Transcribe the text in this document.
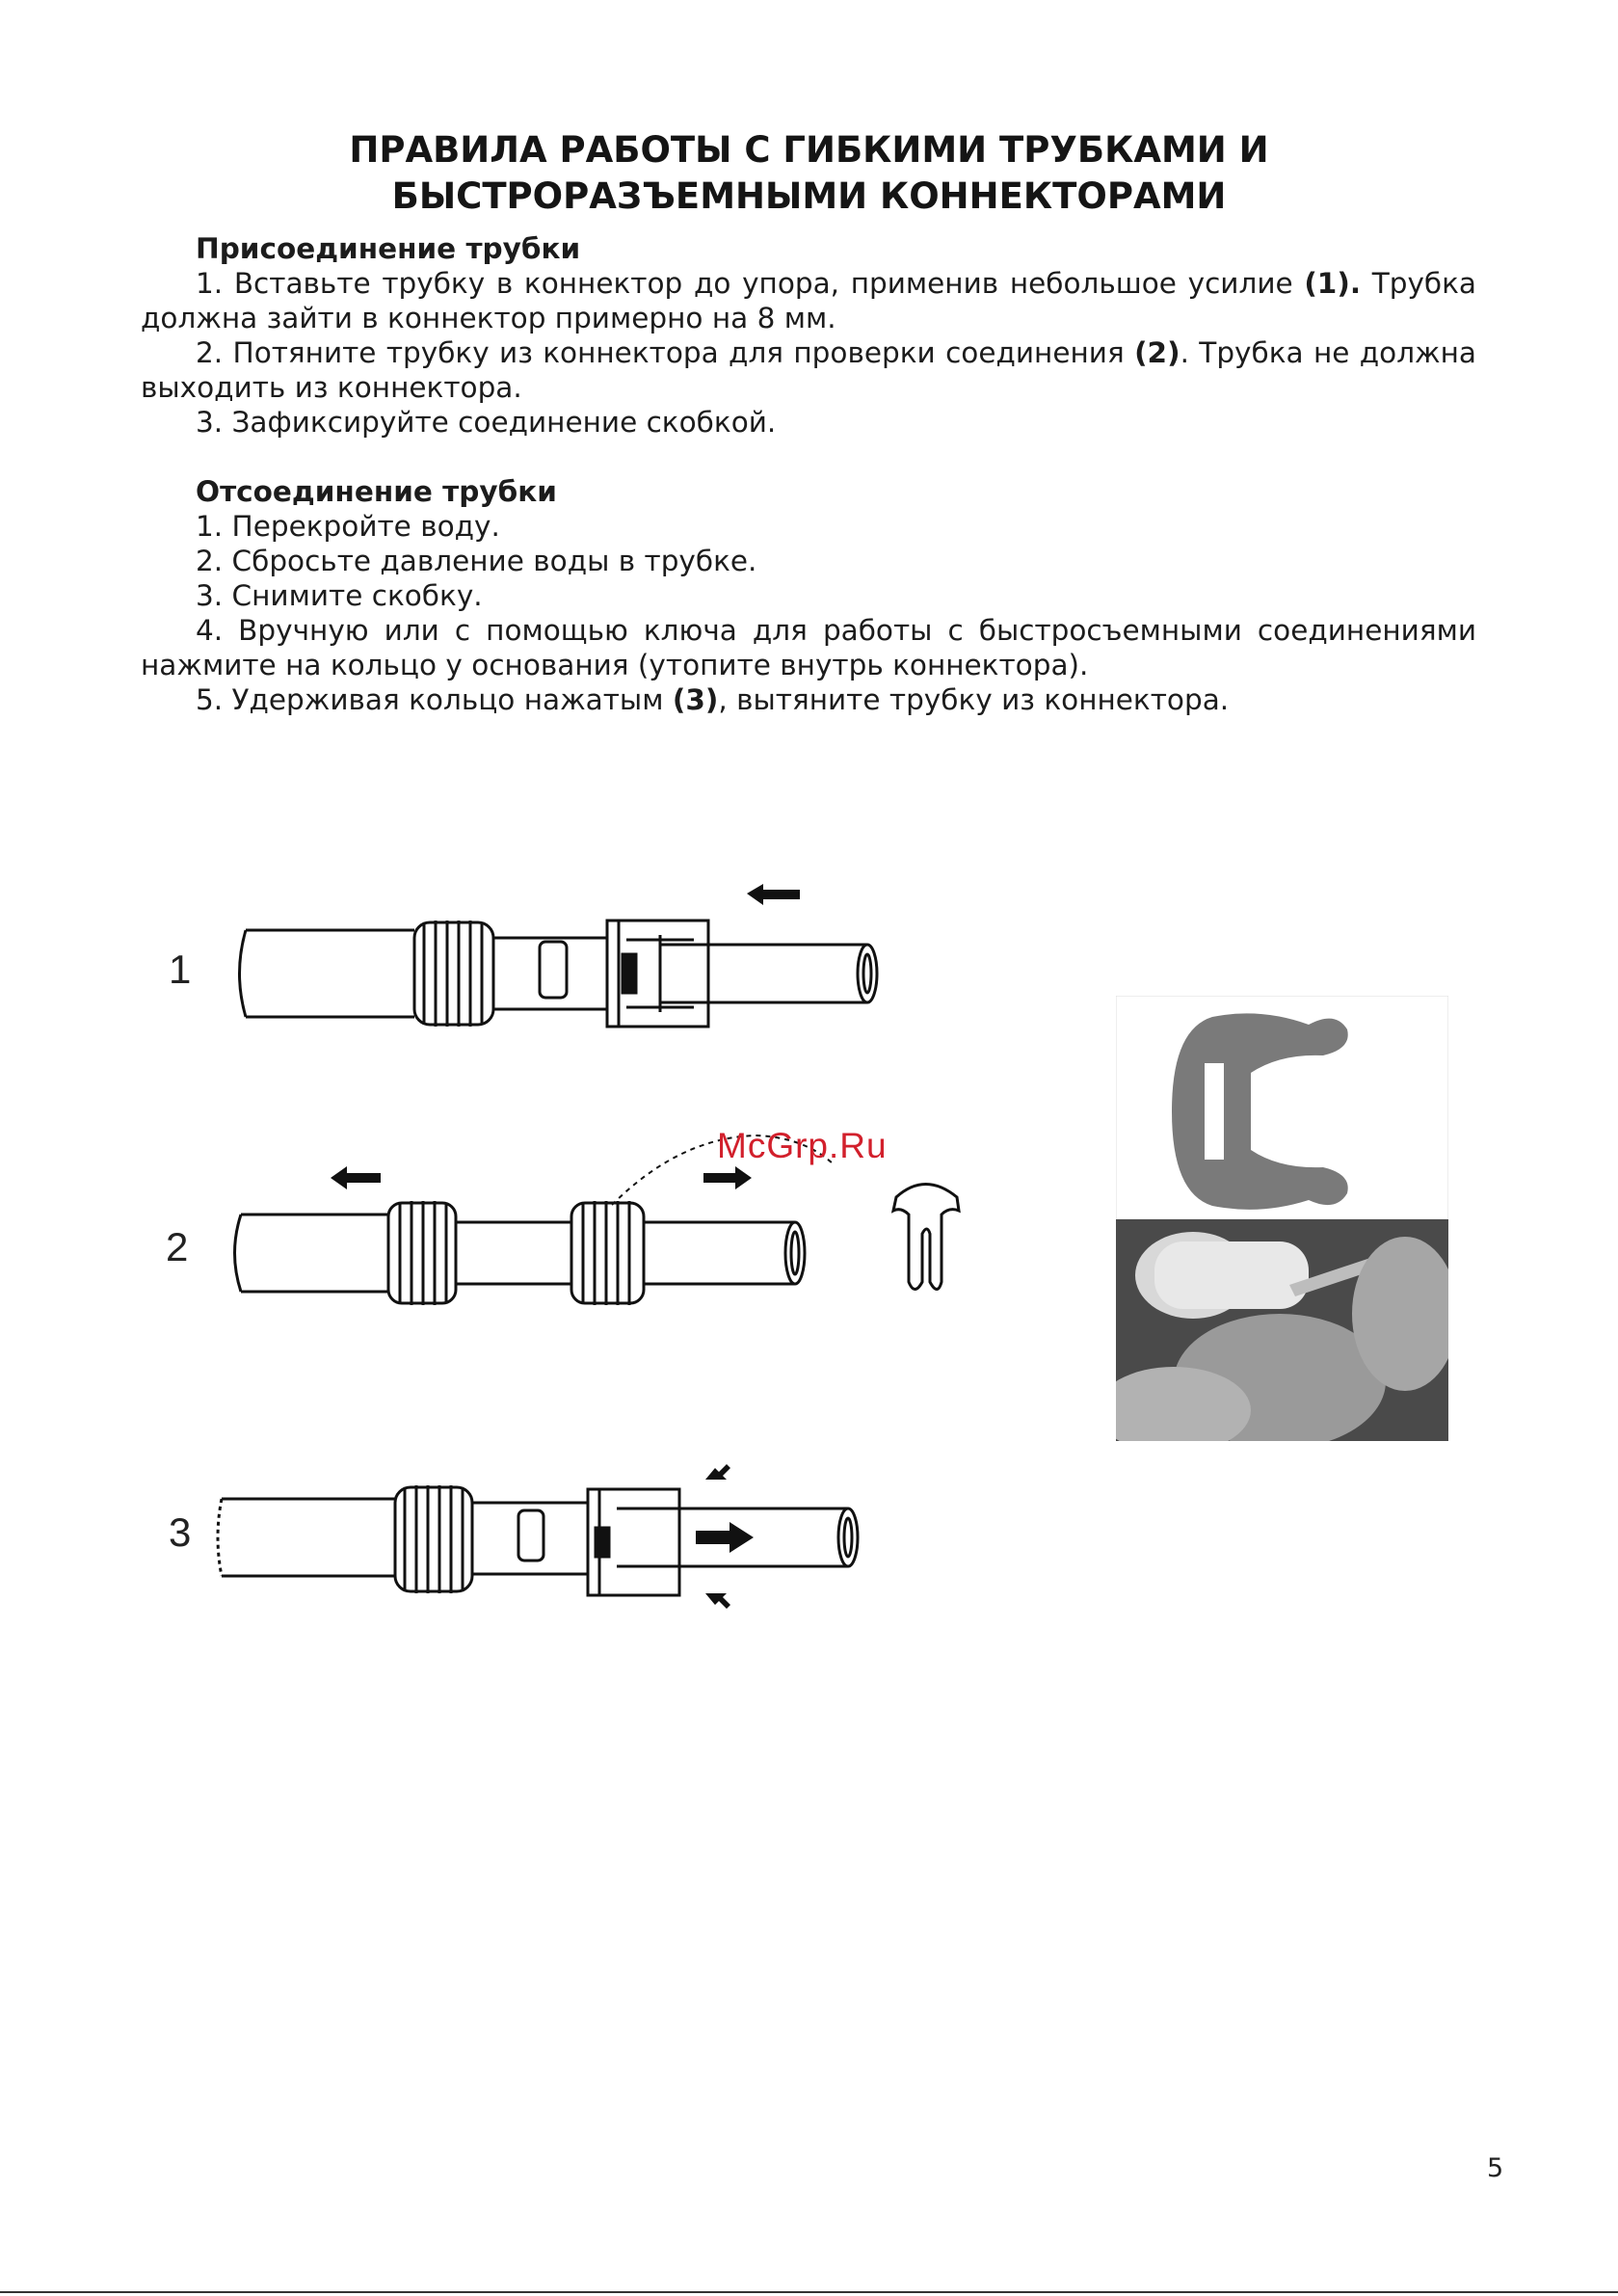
ПРАВИЛА РАБОТЫ С ГИБКИМИ ТРУБКАМИ И
БЫСТРОРАЗЪЕМНЫМИ КОННЕКТОРАМИ

Присоединение трубки

1. Вставьте трубку в коннектор до упора, применив небольшое усилие (1). Трубка должна зайти в коннектор примерно на 8 мм.

2. Потяните трубку из коннектора для проверки соединения (2). Трубка не должна выходить из коннектора.

3. Зафиксируйте соединение скобкой.

Отсоединение трубки

1. Перекройте воду.

2. Сбросьте давление воды в трубке.

3. Снимите скобку.

4. Вручную или с помощью ключа для работы с быстросъемными соединениями нажмите на кольцо у основания (утопите внутрь коннектора).

5. Удерживая кольцо нажатым (3), вытяните трубку из коннектора.

1
2
3
McGrp.Ru
5
